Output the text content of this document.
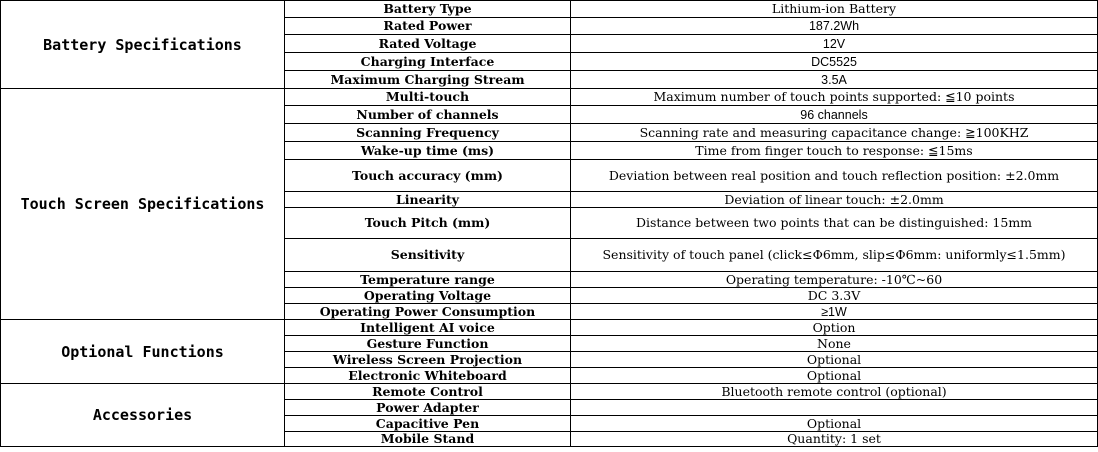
Battery Specifications	Battery Type	Lithium-ion Battery
	Rated Power	187.2Wh
	Rated Voltage	12V
	Charging Interface	DC5525
	Maximum Charging Stream	3.5A
Touch Screen Specifications	Multi-touch	Maximum number of touch points supported: ≦10 points
	Number of channels	96 channels
	Scanning Frequency	Scanning rate and measuring capacitance change: ≧100KHZ
	Wake-up time (ms)	Time from finger touch to response: ≦15ms
	Touch accuracy (mm)	Deviation between real position and touch reflection position: ±2.0mm
	Linearity	Deviation of linear touch: ±2.0mm
	Touch Pitch (mm)	Distance between two points that can be distinguished: 15mm
	Sensitivity	Sensitivity of touch panel (click≤Φ6mm, slip≤Φ6mm: uniformly≤1.5mm)
	Temperature range	Operating temperature: -10℃~60
	Operating Voltage	DC 3.3V
	Operating Power Consumption	≥1W
Optional Functions	Intelligent AI voice	Option
	Gesture Function	None
	Wireless Screen Projection	Optional
	Electronic Whiteboard	Optional
Accessories	Remote Control	Bluetooth remote control (optional)
	Power Adapter	
	Capacitive Pen	Optional
	Mobile Stand	Quantity: 1 set
